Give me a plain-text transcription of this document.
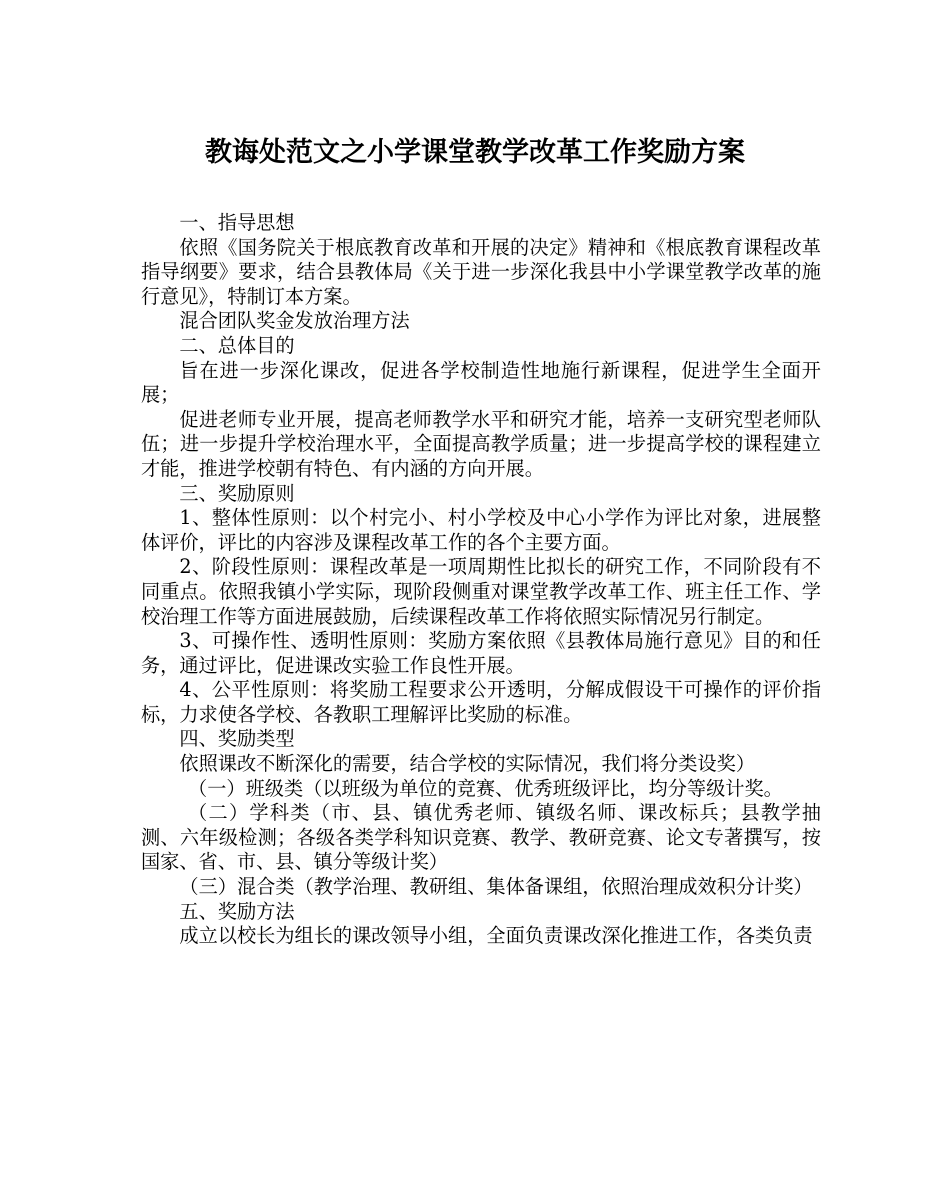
教诲处范文之小学课堂教学改革工作奖励方案

一、指导思想

依照《国务院关于根底教育改革和开展的决定》精神和《根底教育课程改革指导纲要》要求，结合县教体局《关于进一步深化我县中小学课堂教学改革的施行意见》，特制订本方案。

混合团队奖金发放治理方法

二、总体目的

旨在进一步深化课改，促进各学校制造性地施行新课程，促进学生全面开展；

促进老师专业开展，提高老师教学水平和研究才能，培养一支研究型老师队伍；进一步提升学校治理水平，全面提高教学质量；进一步提高学校的课程建立才能，推进学校朝有特色、有内涵的方向开展。

三、奖励原则

1、整体性原则：以个村完小、村小学校及中心小学作为评比对象，进展整体评价，评比的内容涉及课程改革工作的各个主要方面。

2、阶段性原则：课程改革是一项周期性比拟长的研究工作，不同阶段有不同重点。依照我镇小学实际，现阶段侧重对课堂教学改革工作、班主任工作、学校治理工作等方面进展鼓励，后续课程改革工作将依照实际情况另行制定。

3、可操作性、透明性原则：奖励方案依照《县教体局施行意见》目的和任务，通过评比，促进课改实验工作良性开展。

4、公平性原则：将奖励工程要求公开透明，分解成假设干可操作的评价指标，力求使各学校、各教职工理解评比奖励的标准。

四、奖励类型

依照课改不断深化的需要，结合学校的实际情况，我们将分类设奖）

（一）班级类（以班级为单位的竞赛、优秀班级评比，均分等级计奖。

（二）学科类（市、县、镇优秀老师、镇级名师、课改标兵；县教学抽测、六年级检测；各级各类学科知识竞赛、教学、教研竞赛、论文专著撰写，按国家、省、市、县、镇分等级计奖）

（三）混合类（教学治理、教研组、集体备课组，依照治理成效积分计奖）

五、奖励方法

成立以校长为组长的课改领导小组，全面负责课改深化推进工作，各类负责
